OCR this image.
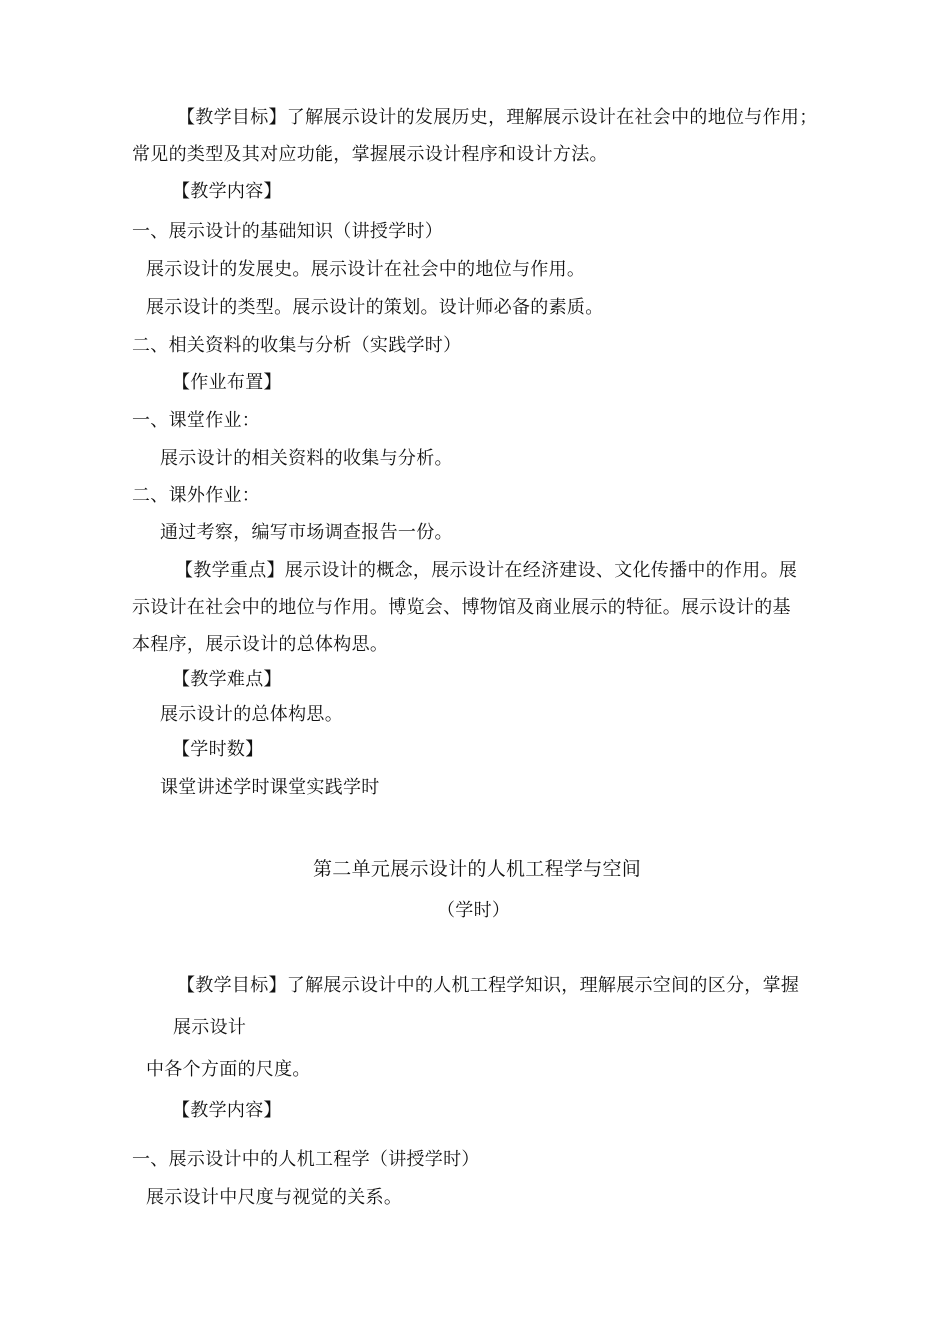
【教学目标】了解展示设计的发展历史，理解展示设计在社会中的地位与作用；
常见的类型及其对应功能，掌握展示设计程序和设计方法。
【教学内容】
一、展示设计的基础知识（讲授学时）
展示设计的发展史。展示设计在社会中的地位与作用。
展示设计的类型。展示设计的策划。设计师必备的素质。
二、相关资料的收集与分析（实践学时）
【作业布置】
一、课堂作业：
展示设计的相关资料的收集与分析。
二、课外作业：
通过考察，编写市场调查报告一份。
【教学重点】展示设计的概念，展示设计在经济建设、文化传播中的作用。展
示设计在社会中的地位与作用。博览会、博物馆及商业展示的特征。展示设计的基
本程序，展示设计的总体构思。
【教学难点】
展示设计的总体构思。
【学时数】
课堂讲述学时课堂实践学时
第二单元展示设计的人机工程学与空间
（学时）
【教学目标】了解展示设计中的人机工程学知识，理解展示空间的区分，掌握
展示设计
中各个方面的尺度。
【教学内容】
一、展示设计中的人机工程学（讲授学时）
展示设计中尺度与视觉的关系。
